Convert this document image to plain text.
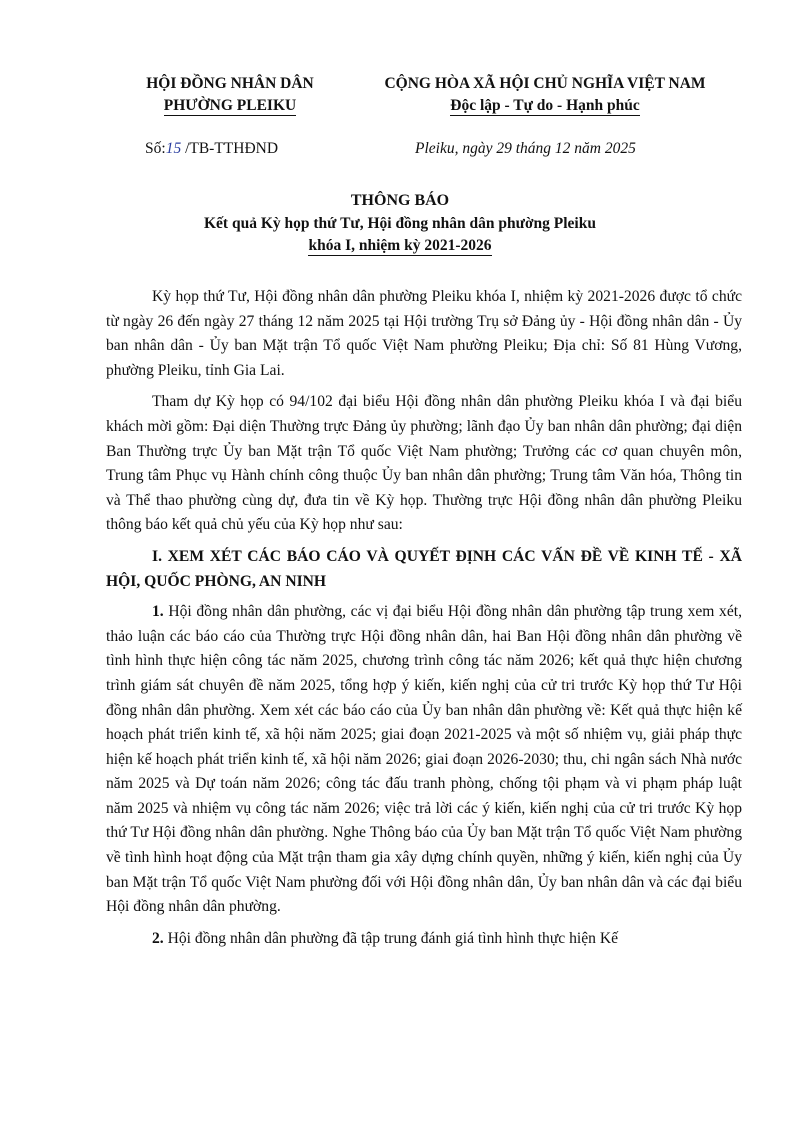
HỘI ĐỒNG NHÂN DÂN
PHƯỜNG PLEIKU
CỘNG HÒA XÃ HỘI CHỦ NGHĨA VIỆT NAM
Độc lập - Tự do - Hạnh phúc
Số:15 /TB-TTHĐND	Pleiku, ngày 29 tháng 12 năm 2025
THÔNG BÁO
Kết quả Kỳ họp thứ Tư, Hội đồng nhân dân phường Pleiku
khóa I, nhiệm kỳ 2021-2026

Kỳ họp thứ Tư, Hội đồng nhân dân phường Pleiku khóa I, nhiệm kỳ 2021-2026 được tổ chức từ ngày 26 đến ngày 27 tháng 12 năm 2025 tại Hội trường Trụ sở Đảng ủy - Hội đồng nhân dân - Ủy ban nhân dân - Ủy ban Mặt trận Tổ quốc Việt Nam phường Pleiku; Địa chỉ: Số 81 Hùng Vương, phường Pleiku, tỉnh Gia Lai.

Tham dự Kỳ họp có 94/102 đại biểu Hội đồng nhân dân phường Pleiku khóa I và đại biểu khách mời gồm: Đại diện Thường trực Đảng ủy phường; lãnh đạo Ủy ban nhân dân phường; đại diện Ban Thường trực Ủy ban Mặt trận Tổ quốc Việt Nam phường; Trưởng các cơ quan chuyên môn, Trung tâm Phục vụ Hành chính công thuộc Ủy ban nhân dân phường; Trung tâm Văn hóa, Thông tin và Thể thao phường cùng dự, đưa tin về Kỳ họp. Thường trực Hội đồng nhân dân phường Pleiku thông báo kết quả chủ yếu của Kỳ họp như sau:

I. XEM XÉT CÁC BÁO CÁO VÀ QUYẾT ĐỊNH CÁC VẤN ĐỀ VỀ KINH TẾ - XÃ HỘI, QUỐC PHÒNG, AN NINH

1. Hội đồng nhân dân phường, các vị đại biểu Hội đồng nhân dân phường tập trung xem xét, thảo luận các báo cáo của Thường trực Hội đồng nhân dân, hai Ban Hội đồng nhân dân phường về tình hình thực hiện công tác năm 2025, chương trình công tác năm 2026; kết quả thực hiện chương trình giám sát chuyên đề năm 2025, tổng hợp ý kiến, kiến nghị của cử tri trước Kỳ họp thứ Tư Hội đồng nhân dân phường. Xem xét các báo cáo của Ủy ban nhân dân phường về: Kết quả thực hiện kế hoạch phát triển kinh tế, xã hội năm 2025; giai đoạn 2021-2025 và một số nhiệm vụ, giải pháp thực hiện kế hoạch phát triển kinh tế, xã hội năm 2026; giai đoạn 2026-2030; thu, chi ngân sách Nhà nước năm 2025 và Dự toán năm 2026; công tác đấu tranh phòng, chống tội phạm và vi phạm pháp luật năm 2025 và nhiệm vụ công tác năm 2026; việc trả lời các ý kiến, kiến nghị của cử tri trước Kỳ họp thứ Tư Hội đồng nhân dân phường. Nghe Thông báo của Ủy ban Mặt trận Tổ quốc Việt Nam phường về tình hình hoạt động của Mặt trận tham gia xây dựng chính quyền, những ý kiến, kiến nghị của Ủy ban Mặt trận Tổ quốc Việt Nam phường đối với Hội đồng nhân dân, Ủy ban nhân dân và các đại biểu Hội đồng nhân dân phường.

2. Hội đồng nhân dân phường đã tập trung đánh giá tình hình thực hiện Kế
